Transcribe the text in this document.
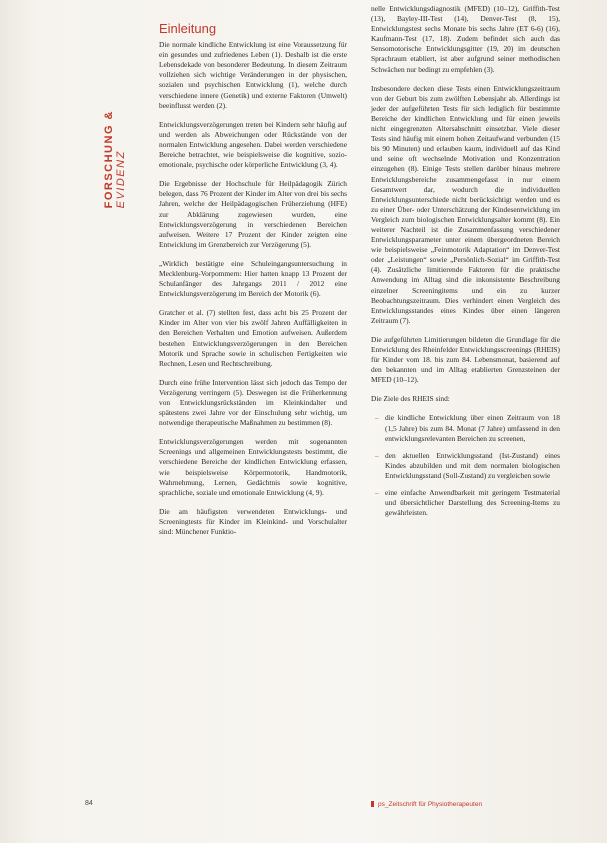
FORSCHUNG & EVIDENZ
Einleitung

Die normale kindliche Entwicklung ist eine Voraussetzung für ein gesundes und zufriedenes Leben (1). Deshalb ist die erste Lebensdekade von besonderer Bedeutung. In diesem Zeitraum vollziehen sich wichtige Veränderungen in der physischen, sozialen und psychischen Entwicklung (1), welche durch verschiedene innere (Genetik) und externe Faktoren (Umwelt) beeinflusst werden (2).

Entwicklungsverzögerungen treten bei Kindern sehr häufig auf und werden als Abweichungen oder Rückstände von der normalen Entwicklung angesehen. Dabei werden verschiedene Bereiche betrachtet, wie beispielsweise die kognitive, sozio-emotionale, psychische oder körperliche Entwicklung (3, 4).

Die Ergebnisse der Hochschule für Heilpädagogik Zürich belegen, dass 76 Prozent der Kinder im Alter von drei bis sechs Jahren, welche der Heilpädagogischen Früherziehung (HFE) zur Abklärung zugewiesen wurden, eine Entwicklungsverzögerung in verschiedenen Bereichen aufweisen. Weitere 17 Prozent der Kinder zeigten eine Entwicklung im Grenzbereich zur Verzögerung (5).

„Wirklich bestätigte eine Schuleingangsuntersuchung in Mecklenburg-Vorpommern: Hier hatten knapp 13 Prozent der Schulanfänger des Jahrgangs 2011 / 2012 eine Entwicklungsverzögerung im Bereich der Motorik (6).

Gratcher et al. (7) stellten fest, dass acht bis 25 Prozent der Kinder im Alter von vier bis zwölf Jahren Auffälligkeiten in den Bereichen Verhalten und Emotion aufweisen. Außerdem bestehen Entwicklungsverzögerungen in den Bereichen Motorik und Sprache sowie in schulischen Fertigkeiten wie Rechnen, Lesen und Rechtschreibung.

Durch eine frühe Intervention lässt sich jedoch das Tempo der Verzögerung verringern (5). Deswegen ist die Früherkennung von Entwicklungsrückständen im Kleinkindalter und spätestens zwei Jahre vor der Einschulung sehr wichtig, um notwendige therapeutische Maßnahmen zu bestimmen (8).

Entwicklungsverzögerungen werden mit sogenannten Screenings und allgemeinen Entwicklungstests bestimmt, die verschiedene Bereiche der kindlichen Entwicklung erfassen, wie beispielsweise Körpermotorik, Handmotorik, Wahrnehmung, Lernen, Gedächtnis sowie kognitive, sprachliche, soziale und emotionale Entwicklung (4, 9).

Die am häufigsten verwendeten Entwicklungs- und Screeningtests für Kinder im Kleinkind- und Vorschulalter sind: Münchener Funktio-

nelle Entwicklungsdiagnostik (MFED) (10–12), Griffith-Test (13), Bayley-III-Test (14), Denver-Test (8, 15), Entwicklungstest sechs Monate bis sechs Jahre (ET 6-6) (16), Kaufmann-Test (17, 18). Zudem befindet sich auch das Sensomotorische Entwicklungsgitter (19, 20) im deutschen Sprachraum etabliert, ist aber aufgrund seiner methodischen Schwächen nur bedingt zu empfehlen (3).

Insbesondere decken diese Tests einen Entwicklungszeitraum von der Geburt bis zum zwölften Lebensjahr ab. Allerdings ist jeder der aufgeführten Tests für sich lediglich für bestimmte Bereiche der kindlichen Entwicklung und für einen jeweils nicht eingegrenzten Altersabschnitt einsetzbar. Viele dieser Tests sind häufig mit einem hohen Zeitaufwand verbunden (15 bis 90 Minuten) und erlauben kaum, individuell auf das Kind und seine oft wechselnde Motivation und Konzentration einzugehen (8). Einige Tests stellen darüber hinaus mehrere Entwicklungsbereiche zusammengefasst in nur einem Gesamtwert dar, wodurch die individuellen Entwicklungsunterschiede nicht berücksichtigt werden und es zu einer Über- oder Unterschätzung der Kindesentwicklung im Vergleich zum biologischen Entwicklungsalter kommt (8). Ein weiterer Nachteil ist die Zusammenfassung verschiedener Entwicklungsparameter unter einem übergeordneten Bereich wie beispielsweise „Feinmotorik Adaptation“ im Denver-Test oder „Leistungen“ sowie „Persönlich-Sozial“ im Griffith-Test (4). Zusätzliche limitierende Faktoren für die praktische Anwendung im Alltag sind die inkonsistente Beschreibung einzelner Screeningitems und ein zu kurzer Beobachtungszeitraum. Dies verhindert einen Vergleich des Entwicklungsstandes eines Kindes über einen längeren Zeitraum (7).

Die aufgeführten Limitierungen bildeten die Grundlage für die Entwicklung des Rheinfelder Entwicklungsscreenings (RHEIS) für Kinder vom 18. bis zum 84. Lebensmonat, basierend auf den bekannten und im Alltag etablierten Grenzsteinen der MFED (10–12).

Die Ziele des RHEIS sind:

– die kindliche Entwicklung über einen Zeitraum von 18 (1,5 Jahre) bis zum 84. Monat (7 Jahre) umfassend in den entwicklungsrelevanten Bereichen zu screenen,
– den aktuellen Entwicklungsstand (Ist-Zustand) eines Kindes abzubilden und mit dem normalen biologischen Entwicklungsstand (Soll-Zustand) zu vergleichen sowie
– eine einfache Anwendbarkeit mit geringem Testmaterial und übersichtlicher Darstellung des Screening-Items zu gewährleisten.
84	ps_Zeitschrift für Physiotherapeuten
